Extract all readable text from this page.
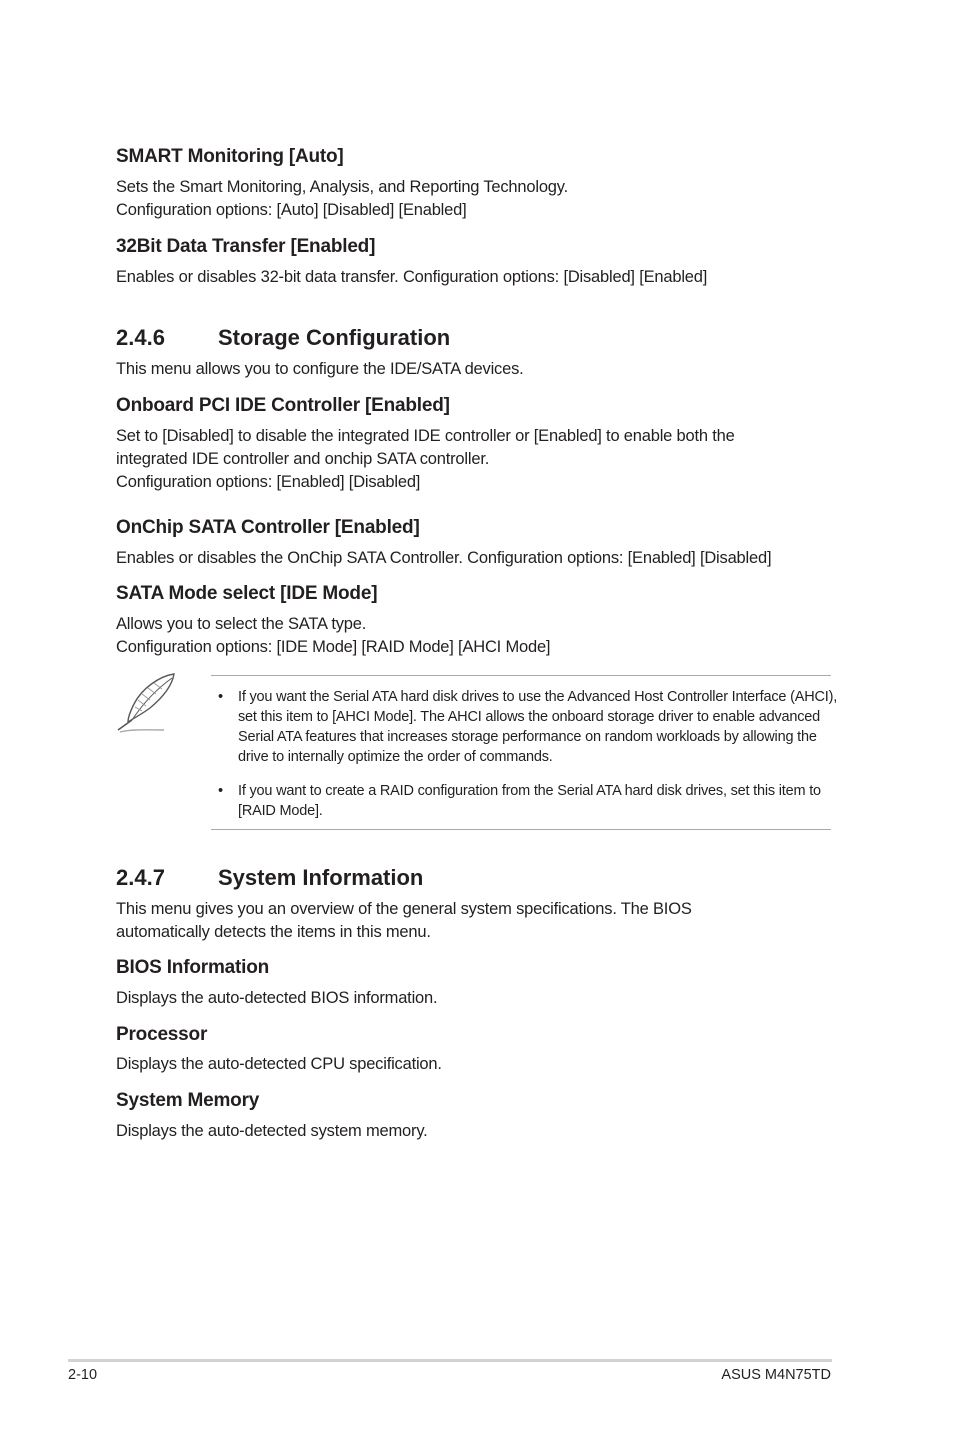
SMART Monitoring [Auto]
Sets the Smart Monitoring, Analysis, and Reporting Technology.
Configuration options: [Auto] [Disabled] [Enabled]
32Bit Data Transfer [Enabled]
Enables or disables 32-bit data transfer. Configuration options: [Disabled] [Enabled]
2.4.6 Storage Configuration
This menu allows you to configure the IDE/SATA devices.
Onboard PCI IDE Controller [Enabled]
Set to [Disabled] to disable the integrated IDE controller or [Enabled] to enable both the
integrated IDE controller and onchip SATA controller.
Configuration options: [Enabled] [Disabled]
OnChip SATA Controller [Enabled]
Enables or disables the OnChip SATA Controller. Configuration options: [Enabled] [Disabled]
SATA Mode select [IDE Mode]
Allows you to select the SATA type.
Configuration options: [IDE Mode] [RAID Mode] [AHCI Mode]
• If you want the Serial ATA hard disk drives to use the Advanced Host Controller Interface (AHCI), set this item to [AHCI Mode]. The AHCI allows the onboard storage driver to enable advanced Serial ATA features that increases storage performance on random workloads by allowing the drive to internally optimize the order of commands.
• If you want to create a RAID configuration from the Serial ATA hard disk drives, set this item to [RAID Mode].
2.4.7 System Information
This menu gives you an overview of the general system specifications. The BIOS
automatically detects the items in this menu.
BIOS Information
Displays the auto-detected BIOS information.
Processor
Displays the auto-detected CPU specification.
System Memory
Displays the auto-detected system memory.
2-10	ASUS M4N75TD
